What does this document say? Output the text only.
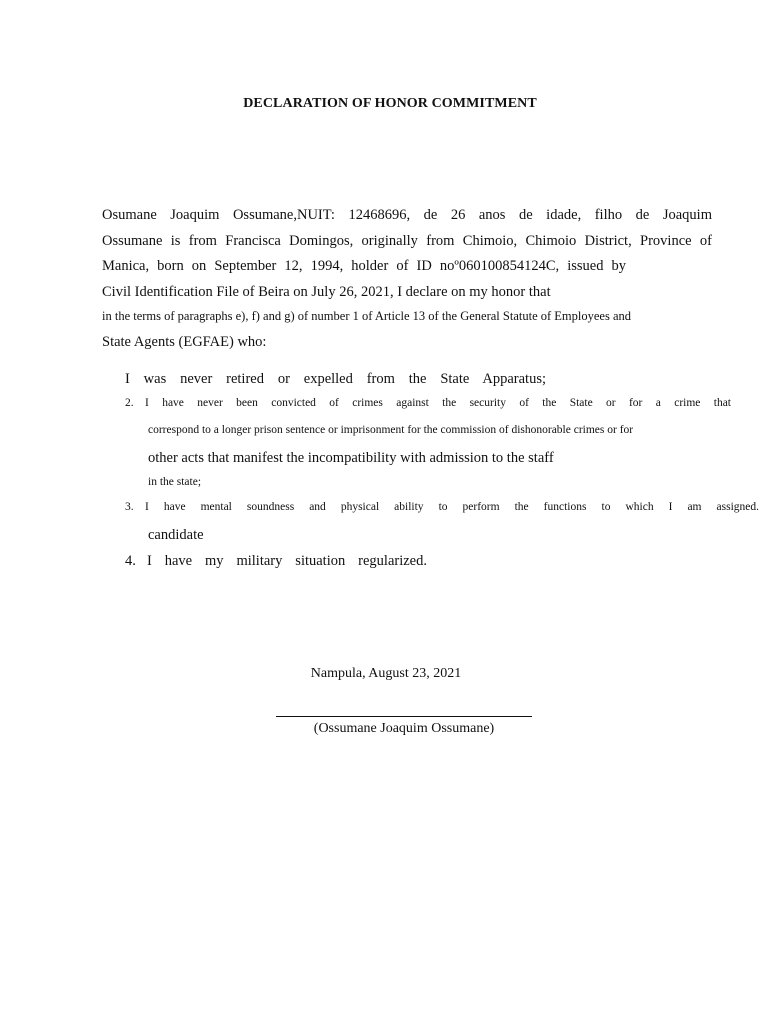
DECLARATION OF HONOR COMMITMENT
Osumane Joaquim Ossumane,NUIT: 12468696, de 26 anos de idade, filho de Joaquim
Ossumane is from Francisca Domingos, originally from Chimoio, Chimoio District, Province of
Manica, born on September 12, 1994, holder of ID noº060100854124C, issued by
Civil Identification File of Beira on July 26, 2021, I declare on my honor that
in the terms of paragraphs e), f) and g) of number 1 of Article 13 of the General Statute of Employees and
State Agents (EGFAE) who:
I was never retired or expelled from the State Apparatus;
2. I have never been convicted of crimes against the security of the State or for a crime that
correspond to a longer prison sentence or imprisonment for the commission of dishonorable crimes or for
other acts that manifest the incompatibility with admission to the staff
in the state;
3. I have mental soundness and physical ability to perform the functions to which I am assigned.
candidate
4. I have my military situation regularized.
Nampula, August 23, 2021
(Ossumane Joaquim Ossumane)
